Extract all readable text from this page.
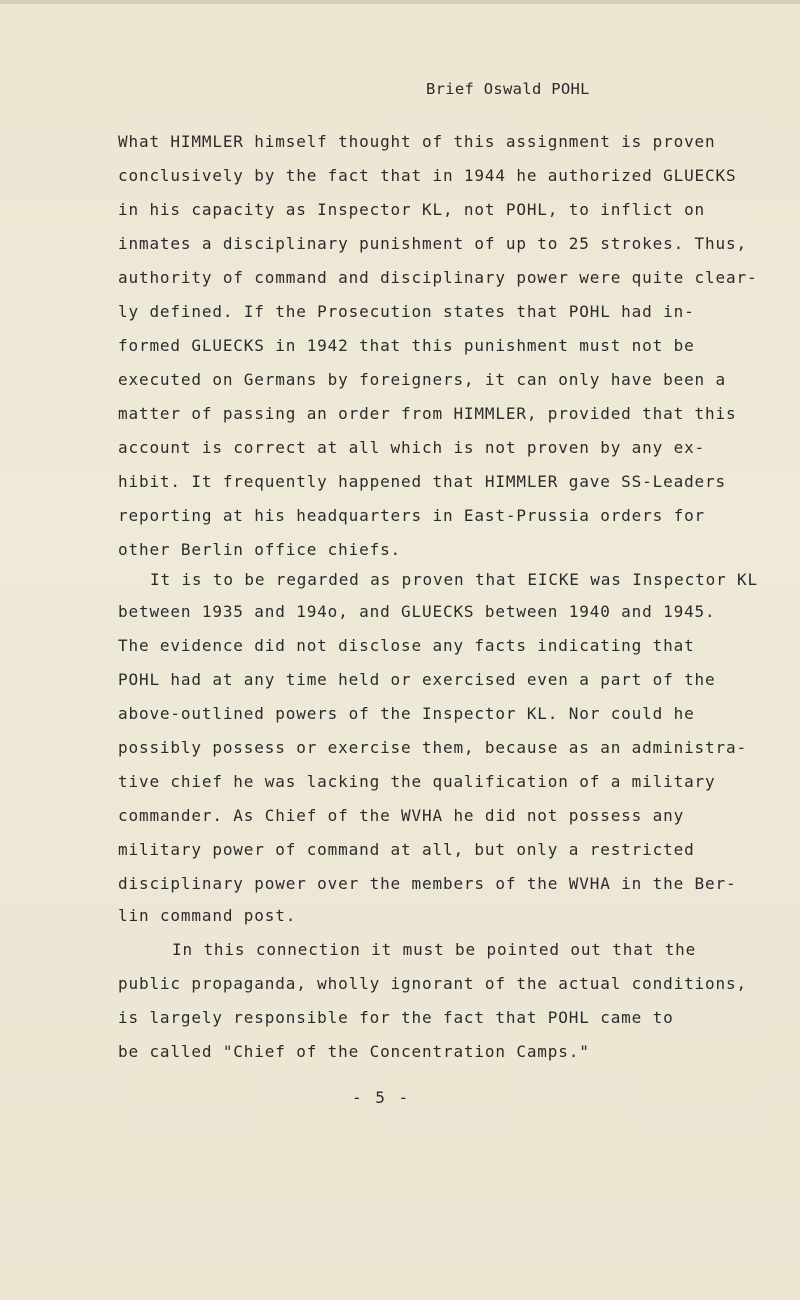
Brief Oswald POHL
What HIMMLER himself thought of this assignment is proven
conclusively by the fact that in 1944 he authorized GLUECKS
in his capacity as Inspector KL, not POHL, to inflict on
inmates a disciplinary punishment of up to 25 strokes. Thus,
authority of command and disciplinary power were quite clear-
ly defined. If the Prosecution states that POHL had in-
formed GLUECKS in 1942 that this punishment must not be
executed on Germans by foreigners, it can only have been a
matter of passing an order from HIMMLER, provided that this
account is correct at all which is not proven by any ex-
hibit. It frequently happened that HIMMLER gave SS-Leaders
reporting at his headquarters in East-Prussia orders for
other Berlin office chiefs.
It is to be regarded as proven that EICKE was Inspector KL
between 1935 and 194o, and GLUECKS between 1940 and 1945.
The evidence did not disclose any facts indicating that
POHL had at any time held or exercised even a part of the
above-outlined powers of the Inspector KL. Nor could he
possibly possess or exercise them, because as an administra-
tive chief he was lacking the qualification of a military
commander. As Chief of the WVHA he did not possess any
military power of command at all, but only a restricted
disciplinary power over the members of the WVHA in the Ber-
lin command post.
In this connection it must be pointed out that the
public propaganda, wholly ignorant of the actual conditions,
is largely responsible for the fact that POHL came to
be called "Chief of the Concentration Camps."
- 5 -
